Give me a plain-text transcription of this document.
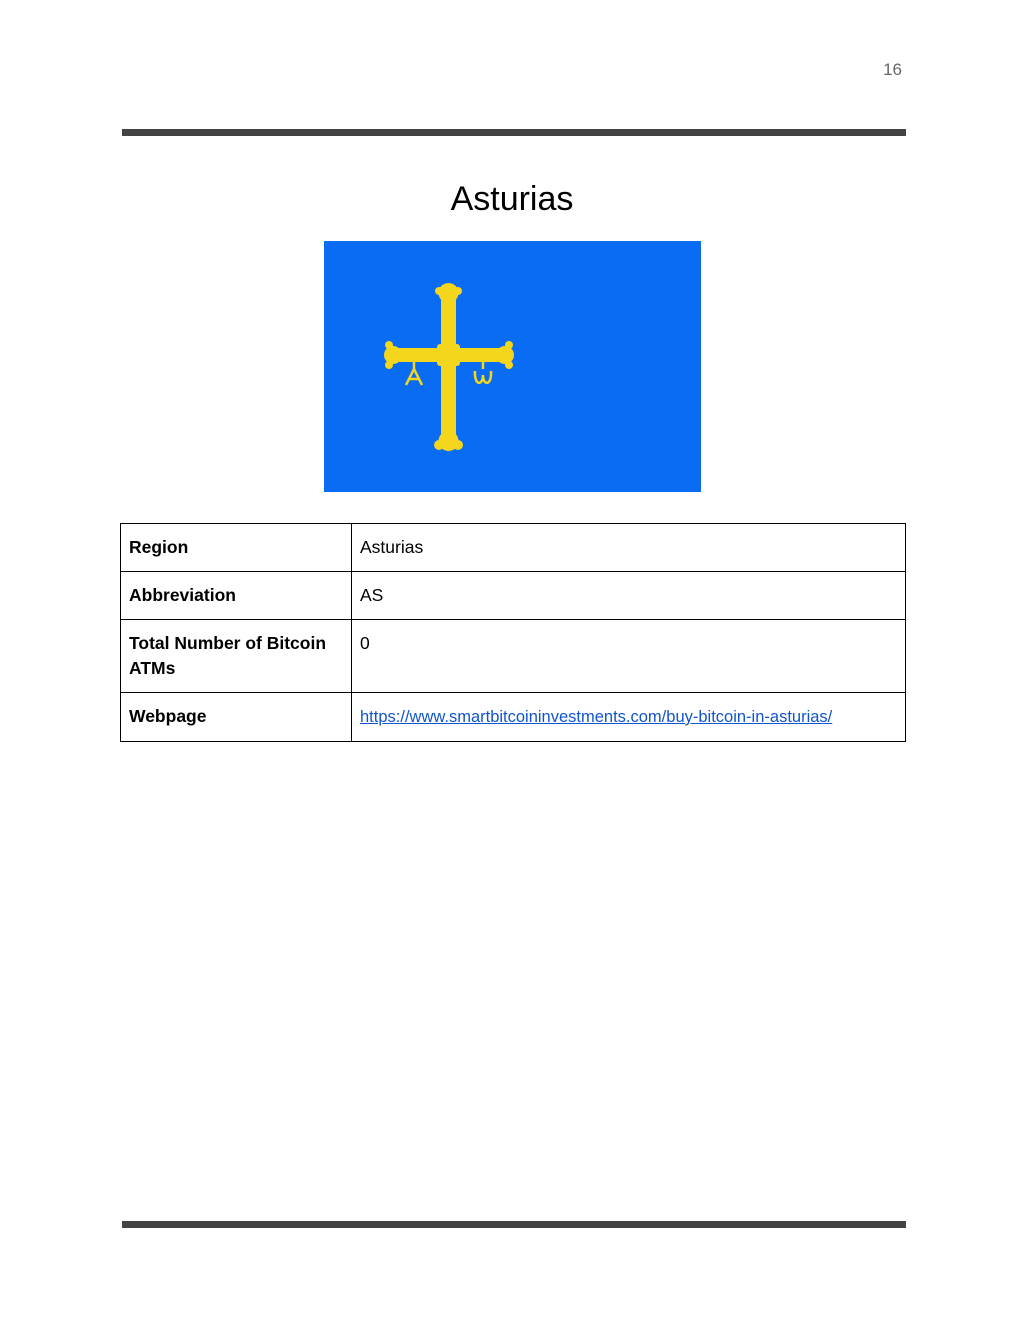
16
Asturias
Region	Asturias
Abbreviation	AS
Total Number of Bitcoin ATMs	0
Webpage	https://www.smartbitcoininvestments.com/buy-bitcoin-in-asturias/
